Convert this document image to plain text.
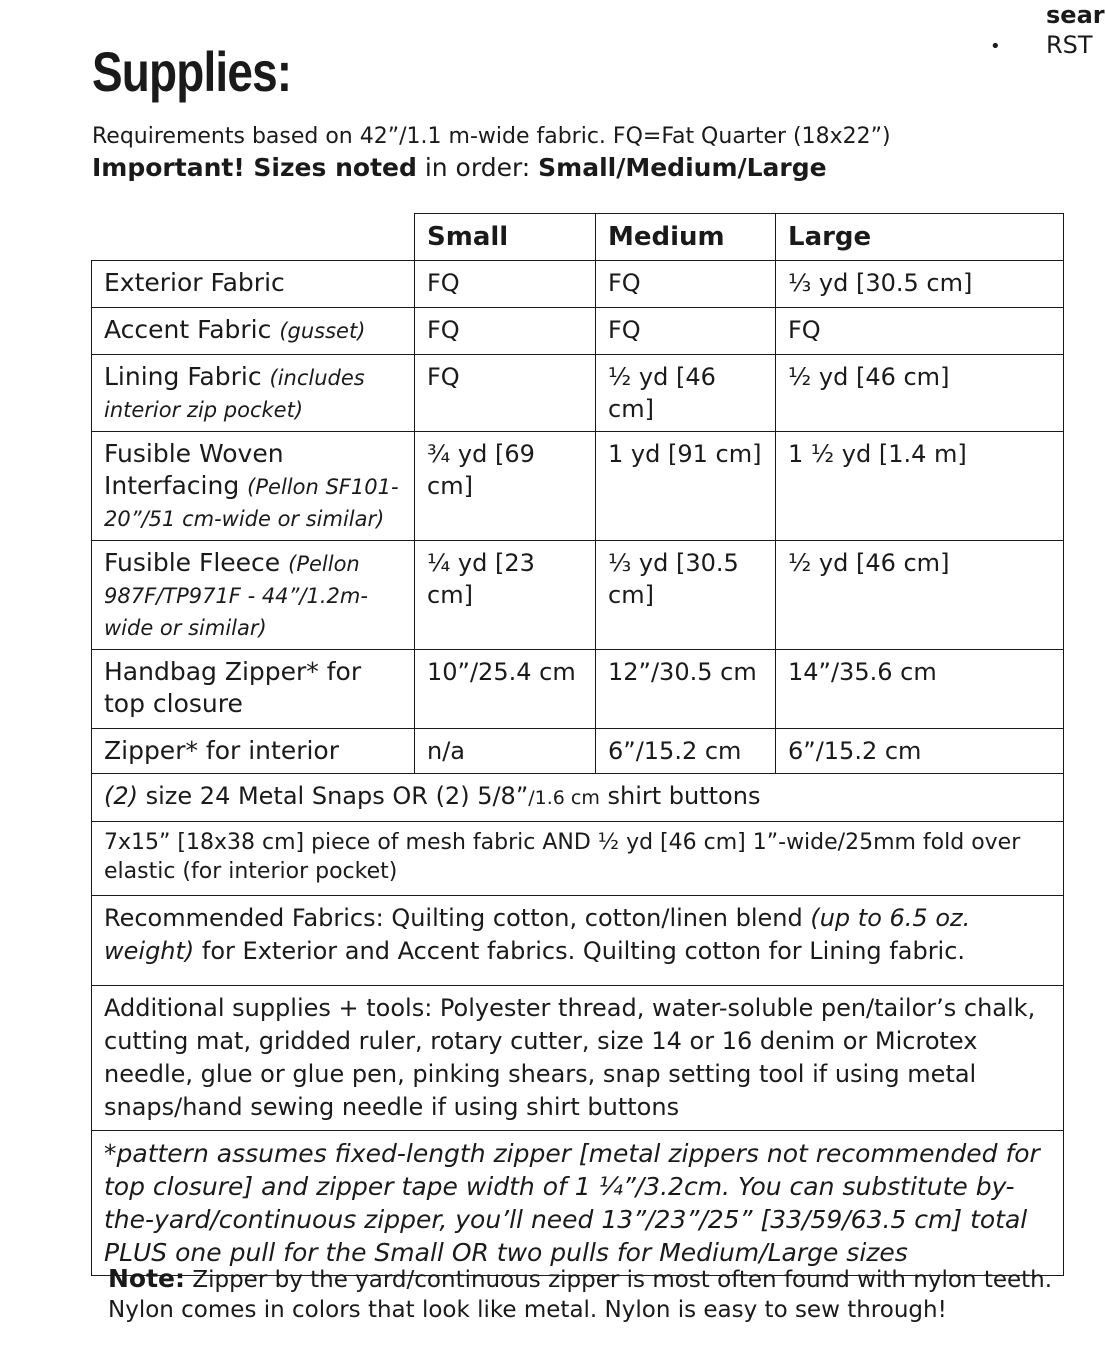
sear
• RST
Supplies:
Requirements based on 42”/1.1 m-wide fabric. FQ=Fat Quarter (18x22”)
Important! Sizes noted in order: Small/Medium/Large
	Small	Medium	Large
Exterior Fabric	FQ	FQ	⅓ yd [30.5 cm]
Accent Fabric (gusset)	FQ	FQ	FQ
Lining Fabric (includes interior zip pocket)	FQ	½ yd [46 cm]	½ yd [46 cm]
Fusible Woven Interfacing (Pellon SF101-20”/51 cm-wide or similar)	¾ yd [69 cm]	1 yd [91 cm]	1 ½ yd [1.4 m]
Fusible Fleece (Pellon 987F/TP971F - 44”/1.2m-wide or similar)	¼ yd [23 cm]	⅓ yd [30.5 cm]	½ yd [46 cm]
Handbag Zipper* for top closure	10”/25.4 cm	12”/30.5 cm	14”/35.6 cm
Zipper* for interior	n/a	6”/15.2 cm	6”/15.2 cm
(2) size 24 Metal Snaps OR (2) 5/8”/1.6 cm shirt buttons			
7x15” [18x38 cm] piece of mesh fabric AND ½ yd [46 cm] 1”-wide/25mm fold over elastic (for interior pocket)			
Recommended Fabrics: Quilting cotton, cotton/linen blend (up to 6.5 oz. weight) for Exterior and Accent fabrics. Quilting cotton for Lining fabric.			
Additional supplies + tools: Polyester thread, water-soluble pen/tailor’s chalk, cutting mat, gridded ruler, rotary cutter, size 14 or 16 denim or Microtex needle, glue or glue pen, pinking shears, snap setting tool if using metal snaps/hand sewing needle if using shirt buttons			
*pattern assumes fixed-length zipper [metal zippers not recommended for top closure] and zipper tape width of 1 ¼”/3.2cm. You can substitute by-the-yard/continuous zipper, you’ll need 13”/23”/25” [33/59/63.5 cm] total PLUS one pull for the Small OR two pulls for Medium/Large sizes			
Note: Zipper by the yard/continuous zipper is most often found with nylon teeth. Nylon comes in colors that look like metal. Nylon is easy to sew through!
